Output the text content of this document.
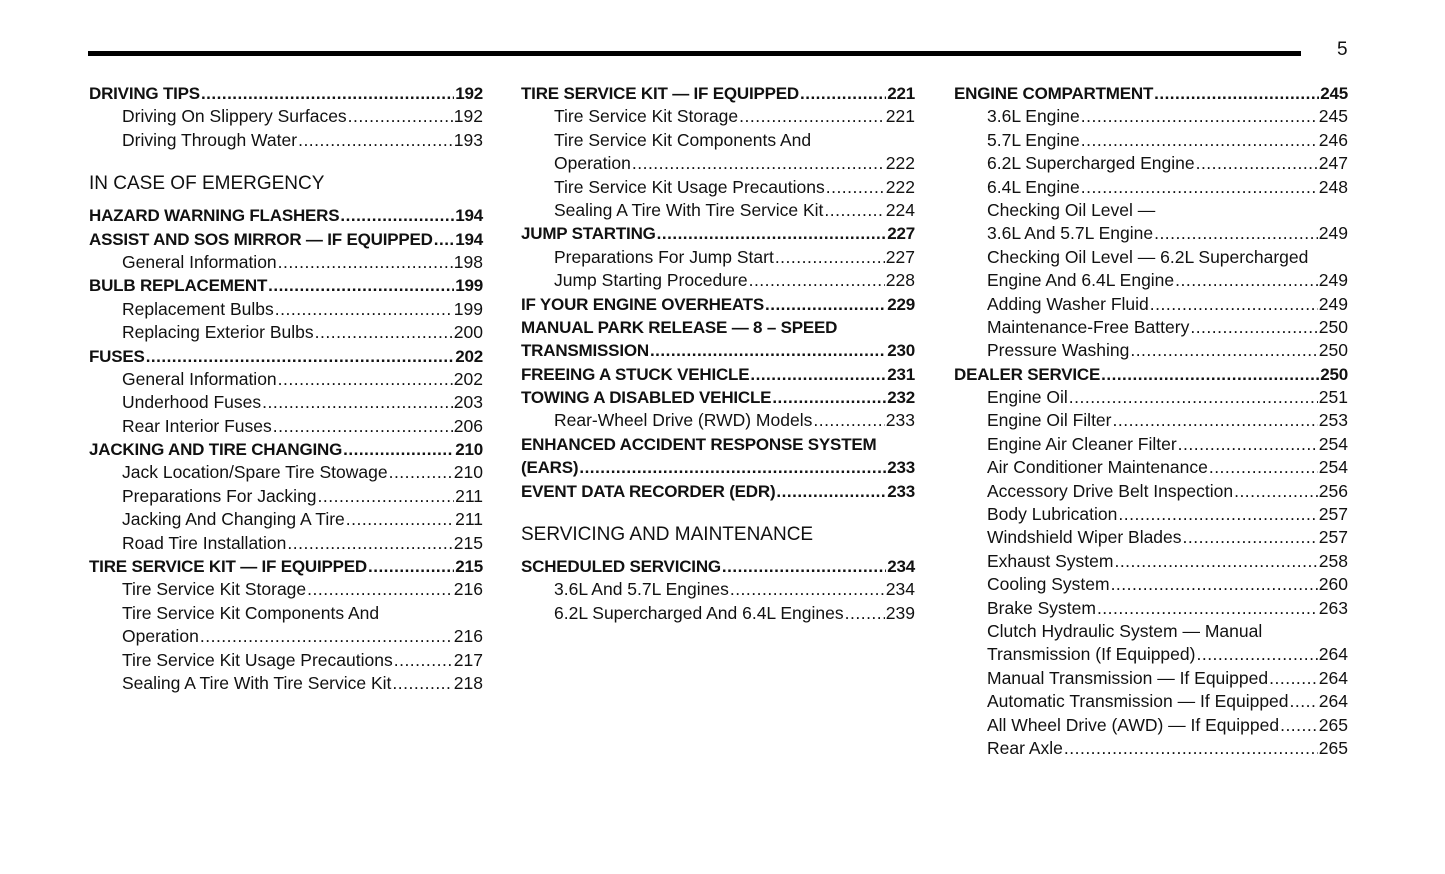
5
DRIVING TIPS .....	192
Driving On Slippery Surfaces .....	192
Driving Through Water .....	193
IN CASE OF EMERGENCY
HAZARD WARNING FLASHERS .....	194
ASSIST AND SOS MIRROR — IF EQUIPPED ..... 194
General Information .....	198
BULB REPLACEMENT .....	199
Replacement Bulbs .....	199
Replacing Exterior Bulbs .....	200
FUSES .....	202
General Information .....	202
Underhood Fuses .....	203
Rear Interior Fuses .....	206
JACKING AND TIRE CHANGING .....	210
Jack Location/Spare Tire Stowage .....	210
Preparations For Jacking .....	211
Jacking And Changing A Tire .....	211
Road Tire Installation .....	215
TIRE SERVICE KIT — IF EQUIPPED .....	215
Tire Service Kit Storage .....	216
Tire Service Kit Components And
Operation .....	216
Tire Service Kit Usage Precautions .....	217
Sealing A Tire With Tire Service Kit .....	218
TIRE SERVICE KIT — IF EQUIPPED .....	221
Tire Service Kit Storage .....	221
Tire Service Kit Components And
Operation .....	222
Tire Service Kit Usage Precautions .....	222
Sealing A Tire With Tire Service Kit .....	224
JUMP STARTING .....	227
Preparations For Jump Start .....	227
Jump Starting Procedure .....	228
IF YOUR ENGINE OVERHEATS .....	229
MANUAL PARK RELEASE — 8 – SPEED
TRANSMISSION .....	230
FREEING A STUCK VEHICLE .....	231
TOWING A DISABLED VEHICLE .....	232
Rear-Wheel Drive (RWD) Models .....	233
ENHANCED ACCIDENT RESPONSE SYSTEM
(EARS) .....	233
EVENT DATA RECORDER (EDR) .....	233
SERVICING AND MAINTENANCE
SCHEDULED SERVICING .....	234
3.6L And 5.7L Engines .....	234
6.2L Supercharged And 6.4L Engines ..... 239
ENGINE COMPARTMENT .....	245
3.6L Engine .....	245
5.7L Engine .....	246
6.2L Supercharged Engine .....	247
6.4L Engine .....	248
Checking Oil Level —
3.6L And 5.7L Engine .....	249
Checking Oil Level — 6.2L Supercharged
Engine And 6.4L Engine .....	249
Adding Washer Fluid .....	249
Maintenance-Free Battery .....	250
Pressure Washing .....	250
DEALER SERVICE .....	250
Engine Oil .....	251
Engine Oil Filter .....	253
Engine Air Cleaner Filter .....	254
Air Conditioner Maintenance .....	254
Accessory Drive Belt Inspection .....	256
Body Lubrication .....	257
Windshield Wiper Blades .....	257
Exhaust System .....	258
Cooling System .....	260
Brake System .....	263
Clutch Hydraulic System — Manual
Transmission (If Equipped) .....	264
Manual Transmission — If Equipped .....	264
Automatic Transmission — If Equipped ..... 264
All Wheel Drive (AWD) — If Equipped ..... 265
Rear Axle .....	265
